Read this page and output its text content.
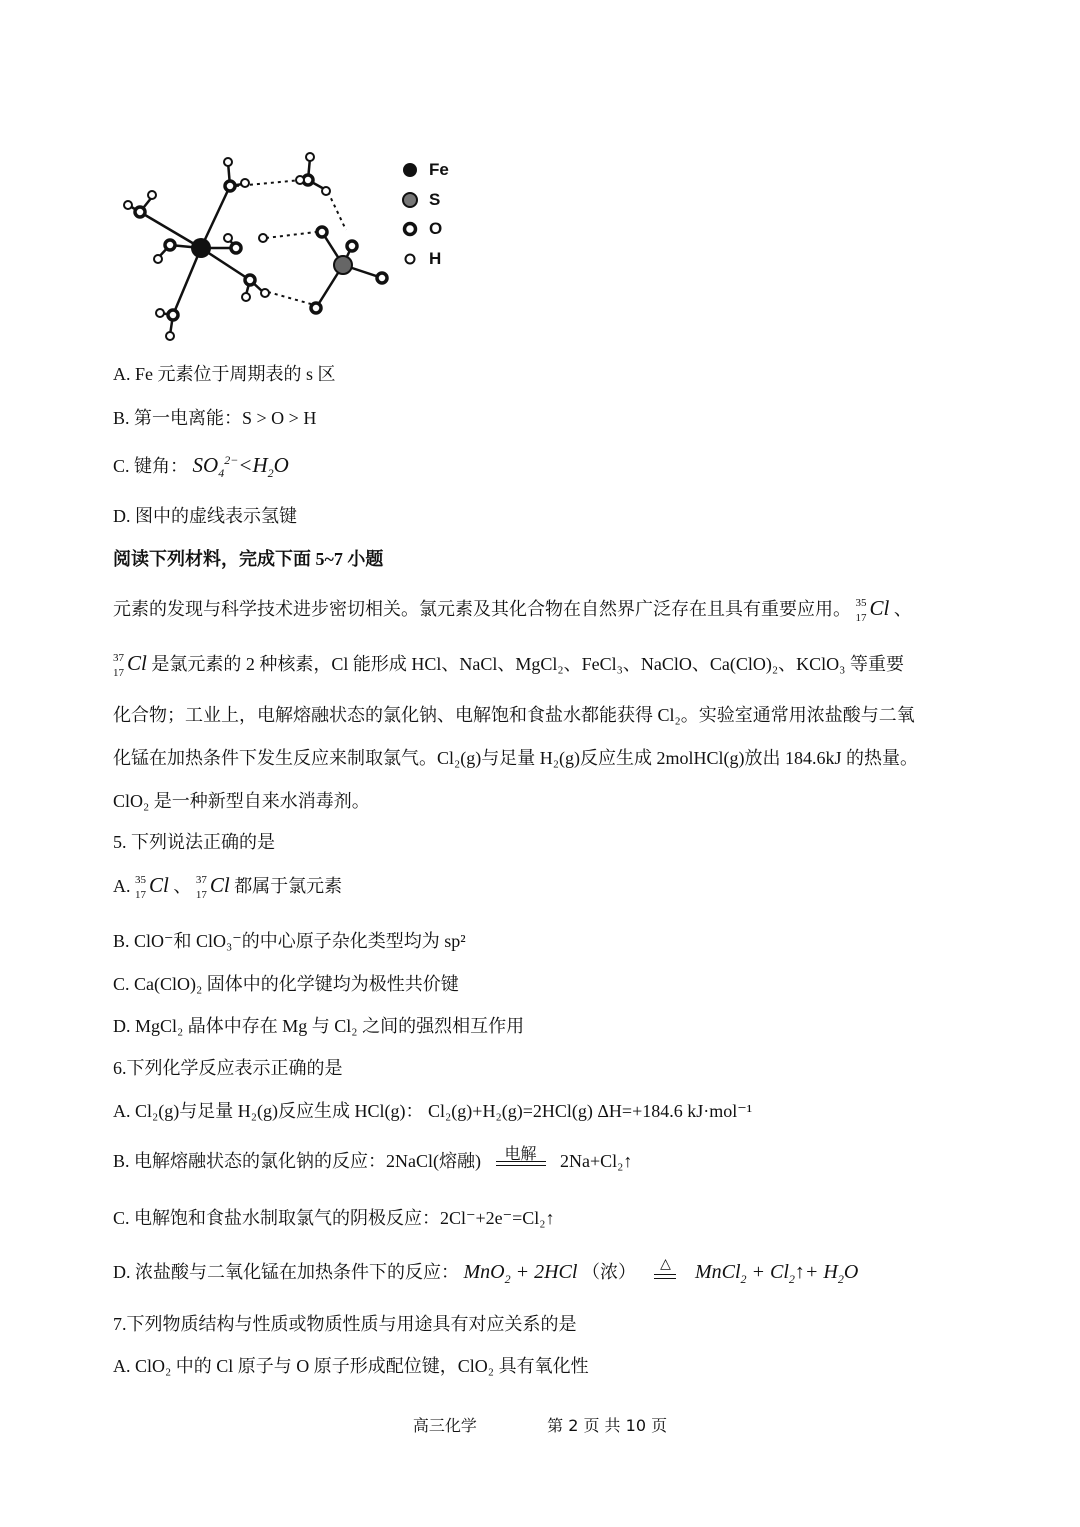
Fe
S
O
H
A. Fe 元素位于周期表的 s 区
B. 第一电离能：S > O > H
C. 键角： $SO_4^{2-}<H_2O$
D. 图中的虚线表示氢键
阅读下列材料，完成下面 5~7 小题
元素的发现与科学技术进步密切相关。氯元素及其化合物在自然界广泛存在且具有重要应用。 35
17 Cl 、
37
17 Cl 是氯元素的 2 种核素，Cl 能形成 HCl、NaCl、MgCl₂、FeCl₃、NaClO、Ca(ClO)₂、KClO₃ 等重要
化合物；工业上，电解熔融状态的氯化钠、电解饱和食盐水都能获得 Cl₂。实验室通常用浓盐酸与二氧
化锰在加热条件下发生反应来制取氯气。Cl₂(g)与足量 H₂(g)反应生成 2molHCl(g)放出 184.6kJ 的热量。
ClO₂ 是一种新型自来水消毒剂。
5. 下列说法正确的是
A. 35
17 Cl 、 37
17 Cl 都属于氯元素
B. ClO⁻和 ClO₃⁻的中心原子杂化类型均为 sp²
C. Ca(ClO)₂ 固体中的化学键均为极性共价键
D. MgCl₂ 晶体中存在 Mg 与 Cl₂ 之间的强烈相互作用
6.下列化学反应表示正确的是
A. Cl₂(g)与足量 H₂(g)反应生成 HCl(g)： Cl₂(g)+H₂(g)=2HCl(g) ΔH=+184.6 kJ·mol⁻¹
B. 电解熔融状态的氯化钠的反应：2NaCl(熔融)	电解	2Na+Cl₂↑
C. 电解饱和食盐水制取氯气的阴极反应：2Cl⁻+2e⁻=Cl₂↑
D. 浓盐酸与二氧化锰在加热条件下的反应： MnO$_2$ + 2HCl （浓）	△ MnCl$_2$ + $Cl_2↑+ H_2O$
7.下列物质结构与性质或物质性质与用途具有对应关系的是
A. ClO₂ 中的 Cl 原子与 O 原子形成配位键，ClO₂ 具有氧化性
高三化学	第 2 页 共 10 页
